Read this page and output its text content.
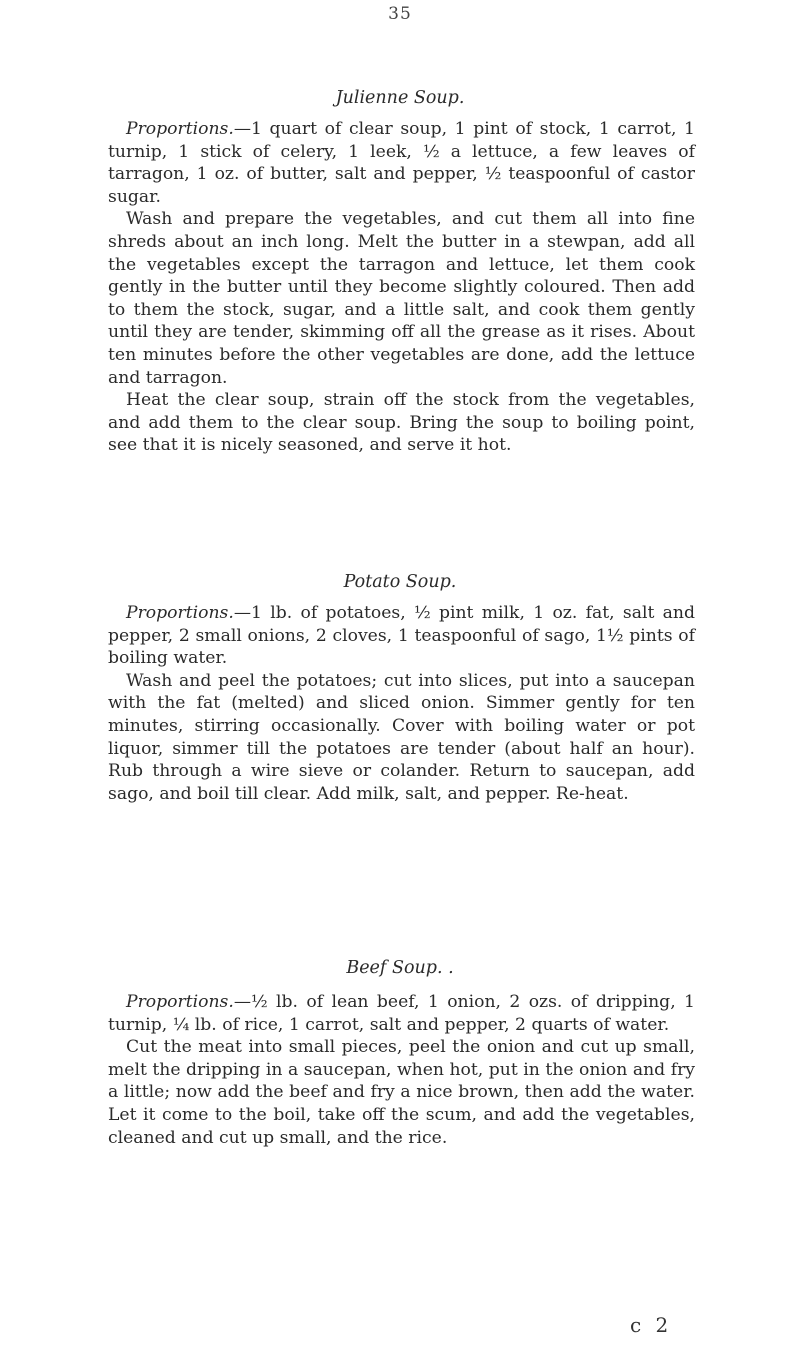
35
Julienne Soup.

Proportions.—1 quart of clear soup, 1 pint of stock, 1 carrot, 1 turnip, 1 stick of celery, 1 leek, ½ a lettuce, a few leaves of tarragon, 1 oz. of butter, salt and pepper, ½ teaspoonful of castor sugar.

Wash and prepare the vegetables, and cut them all into fine shreds about an inch long. Melt the butter in a stewpan, add all the vegetables except the tarragon and lettuce, let them cook gently in the butter until they become slightly coloured. Then add to them the stock, sugar, and a little salt, and cook them gently until they are tender, skimming off all the grease as it rises. About ten minutes before the other vegetables are done, add the lettuce and tarragon.

Heat the clear soup, strain off the stock from the vegetables, and add them to the clear soup. Bring the soup to boiling point, see that it is nicely seasoned, and serve it hot.

Potato Soup.

Proportions.—1 lb. of potatoes, ½ pint milk, 1 oz. fat, salt and pepper, 2 small onions, 2 cloves, 1 teaspoonful of sago, 1½ pints of boiling water.

Wash and peel the potatoes; cut into slices, put into a saucepan with the fat (melted) and sliced onion. Simmer gently for ten minutes, stirring occasionally. Cover with boiling water or pot liquor, simmer till the potatoes are tender (about half an hour). Rub through a wire sieve or colander. Return to saucepan, add sago, and boil till clear. Add milk, salt, and pepper. Re-heat.

Beef Soup. .

Proportions.—½ lb. of lean beef, 1 onion, 2 ozs. of dripping, 1 turnip, ¼ lb. of rice, 1 carrot, salt and pepper, 2 quarts of water.

Cut the meat into small pieces, peel the onion and cut up small, melt the dripping in a saucepan, when hot, put in the onion and fry a little; now add the beef and fry a nice brown, then add the water. Let it come to the boil, take off the scum, and add the vegetables, cleaned and cut up small, and the rice.

c 2
